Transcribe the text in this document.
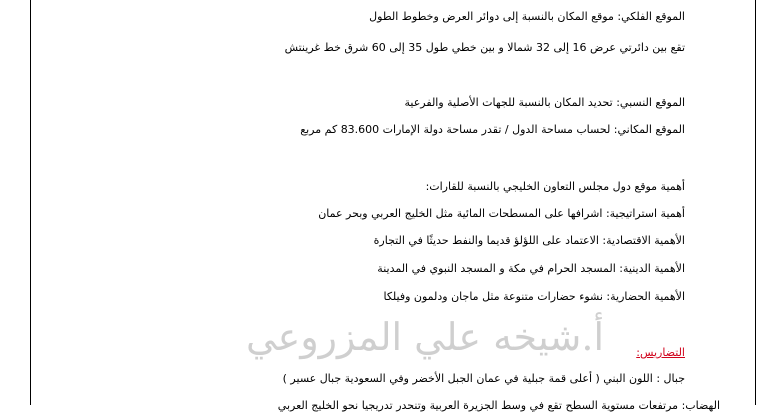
الموقع الفلكي: موقع المكان بالنسبة إلى دوائر العرض وخطوط الطول
تقع بين دائرتي عرض 16 إلى 32 شمالا و بين خطي طول 35 إلى 60 شرق خط غرينتش
الموقع النسبي: تحديد المكان بالنسبة للجهات الأصلية والفرعية
الموقع المكاني: لحساب مساحة الدول / تقدر مساحة دولة الإمارات 83.600 كم مربع
أهمية موقع دول مجلس التعاون الخليجي بالنسبة للقارات:
أهمية استراتيجية: اشرافها على المسطحات المائية مثل الخليج العربي وبحر عمان
الأهمية الاقتصادية: الاعتماد على اللؤلؤ قديما والنفط حديثًا في التجارة
الأهمية الدينية: المسجد الحرام في مكة و المسجد النبوي في المدينة
الأهمية الحضارية: نشوء حضارات متنوعة مثل ماجان ودلمون وفيلكا
أ.شيخه علي المزروعي	التضاريس:
جبال : اللون البني ( أعلى قمة جبلية في عمان الجبل الأخضر وفي السعودية جبال عسير )
الهضاب: مرتفعات مستوية السطح تقع في وسط الجزيرة العربية وتنحدر تدريجيا نحو الخليج العربي
